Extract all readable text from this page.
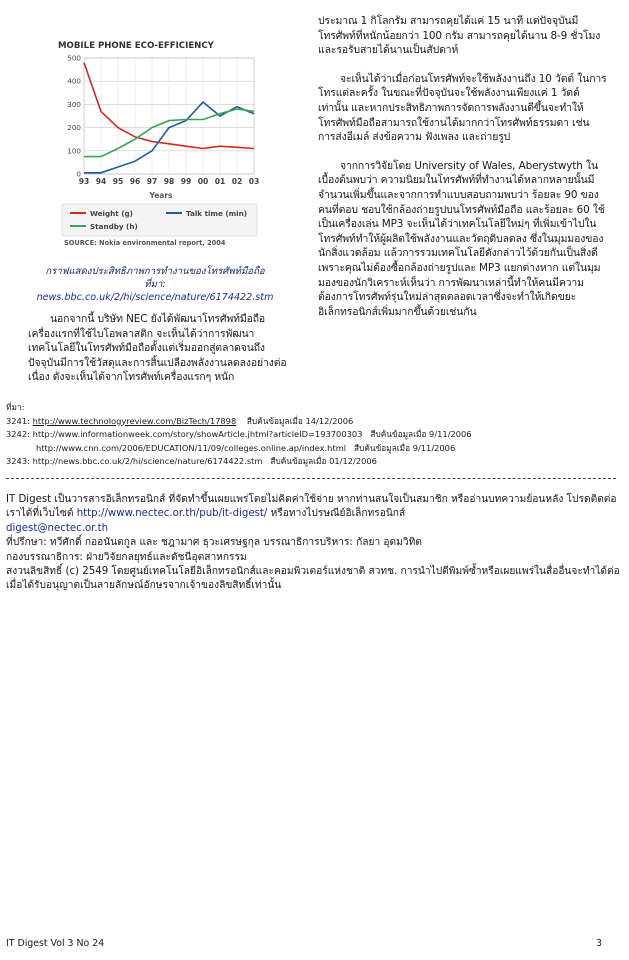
MOBILE PHONE ECO-EFFICIENCY
0
100
200
300
400
500
93 94 95 96 97 98 99 00 01 02 03
Years
Weight (g)	Talk time (min)
Standby (h)
SOURCE: Nokia environmental report, 2004
กราฟแสดงประสิทธิภาพการทำงานของโทรศัพท์มือถือ
ที่มา: news.bbc.co.uk/2/hi/science/nature/6174422.stm

นอกจากนี้ บริษัท NEC ยังได้พัฒนาโทรศัพท์มือถือเครื่องแรกที่ใช้ไบโอพลาสติก จะเห็นได้ว่าการพัฒนาเทคโนโลยีในโทรศัพท์มือถือตั้งแต่เริ่มออกสู่ตลาดจนถึงปัจจุบันมีการใช้วัสดุและการสิ้นเปลืองพลังงานลดลงอย่างต่อเนื่อง ดังจะเห็นได้จากโทรศัพท์เครื่องแรกๆ หนัก

ประมาณ 1 กิโลกรัม สามารถคุยได้แค่ 15 นาที แต่ปัจจุบันมีโทรศัพท์ที่หนักน้อยกว่า 100 กรัม สามารถคุยได้นาน 8-9 ชั่วโมง และรอรับสายได้นานเป็นสัปดาห์

จะเห็นได้ว่าเมื่อก่อนโทรศัพท์จะใช้พลังงานถึง 10 วัตต์ ในการโทรแต่ละครั้ง ในขณะที่ปัจจุบันจะใช้พลังงานเพียงแค่ 1 วัตต์เท่านั้น และหากประสิทธิภาพการจัดการพลังงานดีขึ้นจะทำให้โทรศัพท์มือถือสามารถใช้งานได้มากกว่าโทรศัพท์ธรรมดา เช่น การส่งอีเมล์ ส่งข้อความ ฟังเพลง และถ่ายรูป

จากการวิจัยโดย University of Wales, Aberystwyth ในเบื้องต้นพบว่า ความนิยมในโทรศัพท์ที่ทำงานได้หลากหลายนั้นมีจำนวนเพิ่มขึ้นและจากการทำแบบสอบถามพบว่า ร้อยละ 90 ของคนที่ตอบ ชอบใช้กล้องถ่ายรูปบนโทรศัพท์มือถือ และร้อยละ 60 ใช้เป็นเครื่องเล่น MP3 จะเห็นได้ว่าเทคโนโลยีใหม่ๆ ที่เพิ่มเข้าไปในโทรศัพท์ทำให้ผู้ผลิตใช้พลังงานและวัตถุดิบลดลง ซึ่งในมุมมองของนักสิ่งแวดล้อม แล้วการรวมเทคโนโลยีดังกล่าวไว้ด้วยกันเป็นสิ่งดี เพราะคุณไม่ต้องซื้อกล้องถ่ายรูปและ MP3 แยกต่างหาก แต่ในมุมมองของนักวิเคราะห์เห็นว่า การพัฒนาเหล่านี้ทำให้คนมีความต้องการโทรศัพท์รุ่นใหม่ล่าสุดตลอดเวลาซึ่งจะทำให้เกิดขยะอิเล็กทรอนิกส์เพิ่มมากขึ้นด้วยเช่นกัน

ที่มา:
3241: http://www.technologyreview.com/BizTech/17898 สืบค้นข้อมูลเมื่อ 14/12/2006
3242: http://www.informationweek.com/story/showArticle.jhtml?articleID=193700303 สืบค้นข้อมูลเมื่อ 9/11/2006
http://www.cnn.com/2006/EDUCATION/11/09/colleges.online.ap/index.html สืบค้นข้อมูลเมื่อ 9/11/2006
3243: http://news.bbc.co.uk/2/hi/science/nature/6174422.stm สืบค้นข้อมูลเมื่อ 01/12/2006
IT Digest เป็นวารสารอิเล็กทรอนิกส์ ที่จัดทำขึ้นเผยแพร่โดยไม่คิดค่าใช้จ่าย หากท่านสนใจเป็นสมาชิก หรืออ่านบทความย้อนหลัง โปรดติดต่อเราได้ที่เว็บไซต์ http://www.nectec.or.th/pub/it-digest/ หรือทางไปรษณีย์อิเล็กทรอนิกส์
digest@nectec.or.th
ที่ปรึกษา: ทวีศักดิ์ กออนันตกูล และ ชฎามาศ ธุวะเศรษฐกุล บรรณาธิการบริหาร: กัลยา อุดมวิทิต
กองบรรณาธิการ: ฝ่ายวิจัยกลยุทธ์และดัชนีอุตสาหกรรม
สงวนลิขสิทธิ์ (c) 2549 โดยศูนย์เทคโนโลยีอิเล็กทรอนิกส์และคอมพิวเตอร์แห่งชาติ สวทช. การนำไปตีพิมพ์ซ้ำหรือเผยแพร่ในสื่ออื่นจะทำได้ต่อเมื่อได้รับอนุญาตเป็นลายลักษณ์อักษรจากเจ้าของลิขสิทธิ์เท่านั้น
IT Digest Vol 3 No 24	3
